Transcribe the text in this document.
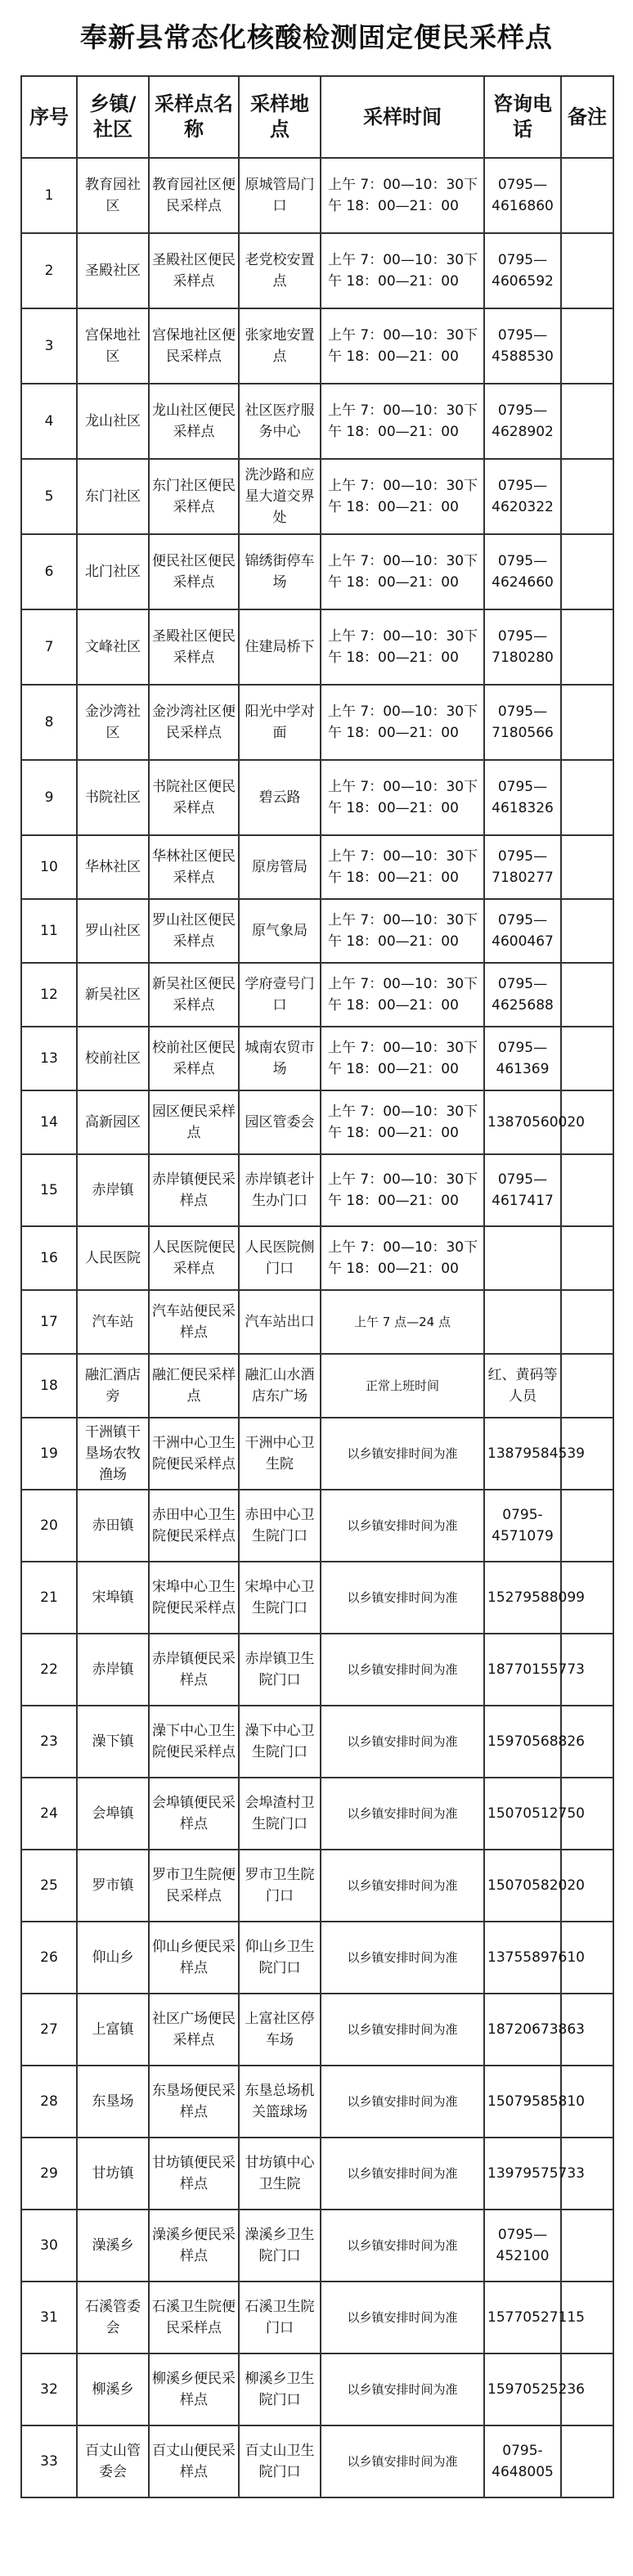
奉新县常态化核酸检测固定便民采样点
序号	乡镇/社区	采样点名称	采样地点	采样时间	咨询电话	备注
1	教育园社区	教育园社区便民采样点	原城管局门口	上午 7：00—10：30下午 18：00—21：00	0795—4616860	
2	圣殿社区	圣殿社区便民采样点	老党校安置点	上午 7：00—10：30下午 18：00—21：00	0795—4606592	
3	宫保地社区	宫保地社区便民采样点	张家地安置点	上午 7：00—10：30下午 18：00—21：00	0795—4588530	
4	龙山社区	龙山社区便民采样点	社区医疗服务中心	上午 7：00—10：30下午 18：00—21：00	0795—4628902	
5	东门社区	东门社区便民采样点	洗沙路和应星大道交界处	上午 7：00—10：30下午 18：00—21：00	0795—4620322	
6	北门社区	便民社区便民采样点	锦绣街停车场	上午 7：00—10：30下午 18：00—21：00	0795—4624660	
7	文峰社区	圣殿社区便民采样点	住建局桥下	上午 7：00—10：30下午 18：00—21：00	0795—7180280	
8	金沙湾社区	金沙湾社区便民采样点	阳光中学对面	上午 7：00—10：30下午 18：00—21：00	0795—7180566	
9	书院社区	书院社区便民采样点	碧云路	上午 7：00—10：30下午 18：00—21：00	0795—4618326	
10	华林社区	华林社区便民采样点	原房管局	上午 7：00—10：30下午 18：00—21：00	0795—7180277	
11	罗山社区	罗山社区便民采样点	原气象局	上午 7：00—10：30下午 18：00—21：00	0795—4600467	
12	新吴社区	新吴社区便民采样点	学府壹号门口	上午 7：00—10：30下午 18：00—21：00	0795—4625688	
13	校前社区	校前社区便民采样点	城南农贸市场	上午 7：00—10：30下午 18：00—21：00	0795—461369	
14	高新园区	园区便民采样点	园区管委会	上午 7：00—10：30下午 18：00—21：00	13870560020	
15	赤岸镇	赤岸镇便民采样点	赤岸镇老计生办门口	上午 7：00—10：30下午 18：00—21：00	0795—4617417	
16	人民医院	人民医院便民采样点	人民医院侧门口	上午 7：00—10：30下午 18：00—21：00		
17	汽车站	汽车站便民采样点	汽车站出口	上午 7 点—24 点		
18	融汇酒店旁	融汇便民采样点	融汇山水酒店东广场	正常上班时间	红、黄码等人员	
19	干洲镇干垦场农牧渔场	干洲中心卫生院便民采样点	干洲中心卫生院	以乡镇安排时间为准	13879584539	
20	赤田镇	赤田中心卫生院便民采样点	赤田中心卫生院门口	以乡镇安排时间为准	0795-4571079	
21	宋埠镇	宋埠中心卫生院便民采样点	宋埠中心卫生院门口	以乡镇安排时间为准	15279588099	
22	赤岸镇	赤岸镇便民采样点	赤岸镇卫生院门口	以乡镇安排时间为准	18770155773	
23	澡下镇	澡下中心卫生院便民采样点	澡下中心卫生院门口	以乡镇安排时间为准	15970568826	
24	会埠镇	会埠镇便民采样点	会埠渣村卫生院门口	以乡镇安排时间为准	15070512750	
25	罗市镇	罗市卫生院便民采样点	罗市卫生院门口	以乡镇安排时间为准	15070582020	
26	仰山乡	仰山乡便民采样点	仰山乡卫生院门口	以乡镇安排时间为准	13755897610	
27	上富镇	社区广场便民采样点	上富社区停车场	以乡镇安排时间为准	18720673863	
28	东垦场	东垦场便民采样点	东垦总场机关篮球场	以乡镇安排时间为准	15079585810	
29	甘坊镇	甘坊镇便民采样点	甘坊镇中心卫生院	以乡镇安排时间为准	13979575733	
30	澡溪乡	澡溪乡便民采样点	澡溪乡卫生院门口	以乡镇安排时间为准	0795—452100	
31	石溪管委会	石溪卫生院便民采样点	石溪卫生院门口	以乡镇安排时间为准	15770527115	
32	柳溪乡	柳溪乡便民采样点	柳溪乡卫生院门口	以乡镇安排时间为准	15970525236	
33	百丈山管委会	百丈山便民采样点	百丈山卫生院门口	以乡镇安排时间为准	0795-4648005	
